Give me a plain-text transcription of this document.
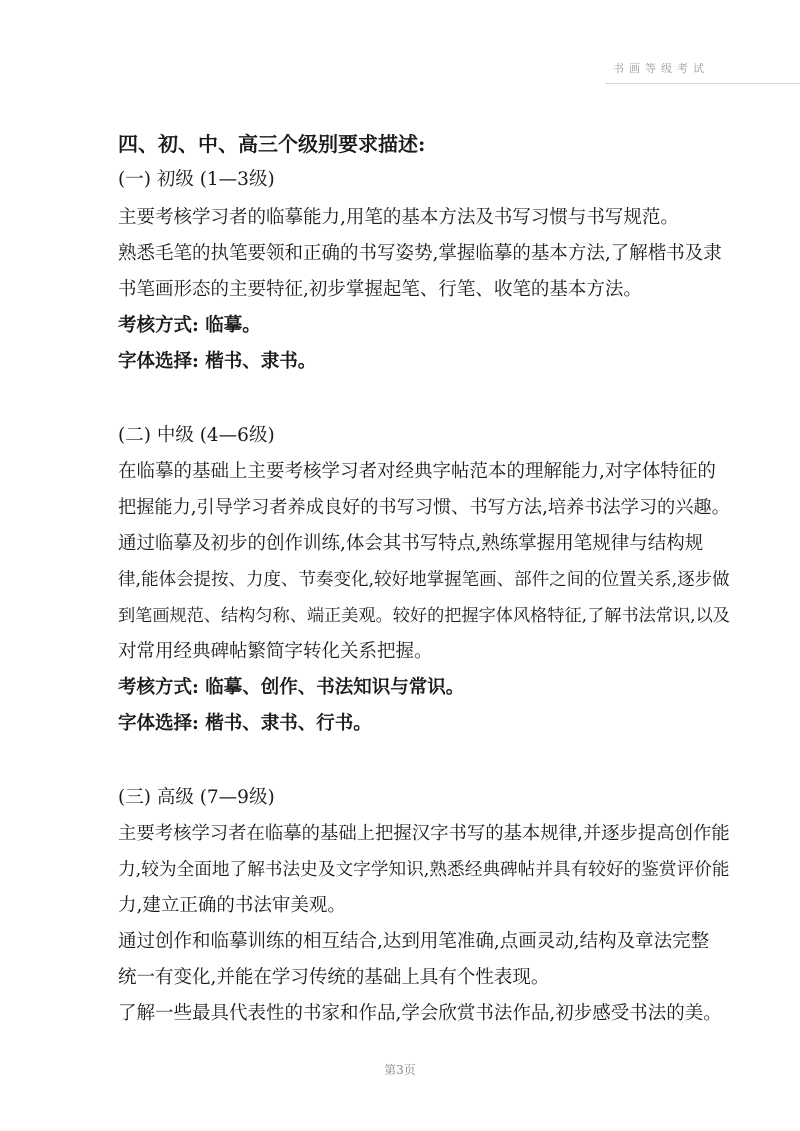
书画等级考试
四、初、中、高三个级别要求描述:
(一) 初级 (1—3级)
主要考核学习者的临摹能力,用笔的基本方法及书写习惯与书写规范。
熟悉毛笔的执笔要领和正确的书写姿势,掌握临摹的基本方法,了解楷书及隶
书笔画形态的主要特征,初步掌握起笔、行笔、收笔的基本方法。
考核方式: 临摹。
字体选择: 楷书、隶书。
(二) 中级 (4—6级)
在临摹的基础上主要考核学习者对经典字帖范本的理解能力,对字体特征的
把握能力,引导学习者养成良好的书写习惯、书写方法,培养书法学习的兴趣。
通过临摹及初步的创作训练,体会其书写特点,熟练掌握用笔规律与结构规
律,能体会提按、力度、节奏变化,较好地掌握笔画、部件之间的位置关系,逐步做
到笔画规范、结构匀称、端正美观。较好的把握字体风格特征,了解书法常识,以及
对常用经典碑帖繁简字转化关系把握。
考核方式: 临摹、创作、书法知识与常识。
字体选择: 楷书、隶书、行书。
(三) 高级 (7—9级)
主要考核学习者在临摹的基础上把握汉字书写的基本规律,并逐步提高创作能
力,较为全面地了解书法史及文字学知识,熟悉经典碑帖并具有较好的鉴赏评价能
力,建立正确的书法审美观。
通过创作和临摹训练的相互结合,达到用笔准确,点画灵动,结构及章法完整
统一有变化,并能在学习传统的基础上具有个性表现。
了解一些最具代表性的书家和作品,学会欣赏书法作品,初步感受书法的美。
第3页
